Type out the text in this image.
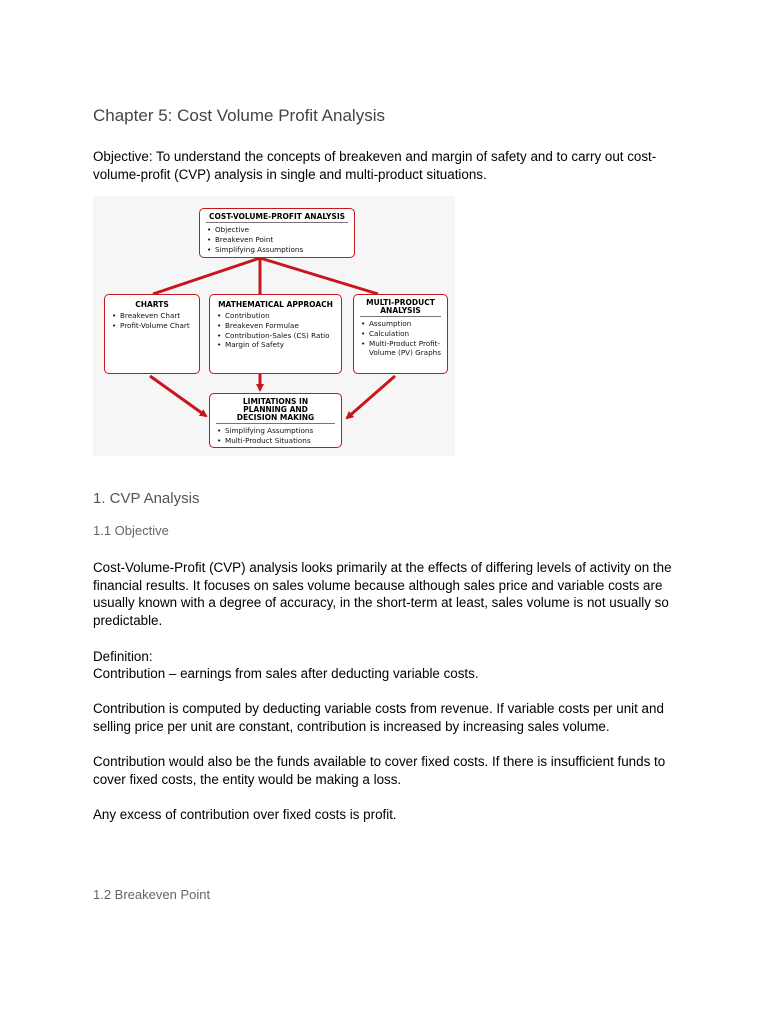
Chapter 5: Cost Volume Profit Analysis

Objective: To understand the concepts of breakeven and margin of safety and to carry out cost-volume-profit (CVP) analysis in single and multi-product situations.

COST-VOLUME-PROFIT ANALYSIS
• Objective
• Breakeven Point
• Simplifying Assumptions
CHARTS
• Breakeven Chart
• Profit-Volume Chart
MATHEMATICAL APPROACH
• Contribution
• Breakeven Formulae
• Contribution-Sales (CS) Ratio
• Margin of Safety
MULTI-PRODUCT ANALYSIS
• Assumption
• Calculation
• Multi-Product Profit-Volume (PV) Graphs
LIMITATIONS IN PLANNING AND DECISION MAKING
• Simplifying Assumptions
• Multi-Product Situations
1. CVP Analysis
1.1 Objective

Cost-Volume-Profit (CVP) analysis looks primarily at the effects of differing levels of activity on the financial results. It focuses on sales volume because although sales price and variable costs are usually known with a degree of accuracy, in the short-term at least, sales volume is not usually so predictable.

Definition:

Contribution – earnings from sales after deducting variable costs.

Contribution is computed by deducting variable costs from revenue. If variable costs per unit and selling price per unit are constant, contribution is increased by increasing sales volume.

Contribution would also be the funds available to cover fixed costs. If there is insufficient funds to cover fixed costs, the entity would be making a loss.

Any excess of contribution over fixed costs is profit.

1.2 Breakeven Point
